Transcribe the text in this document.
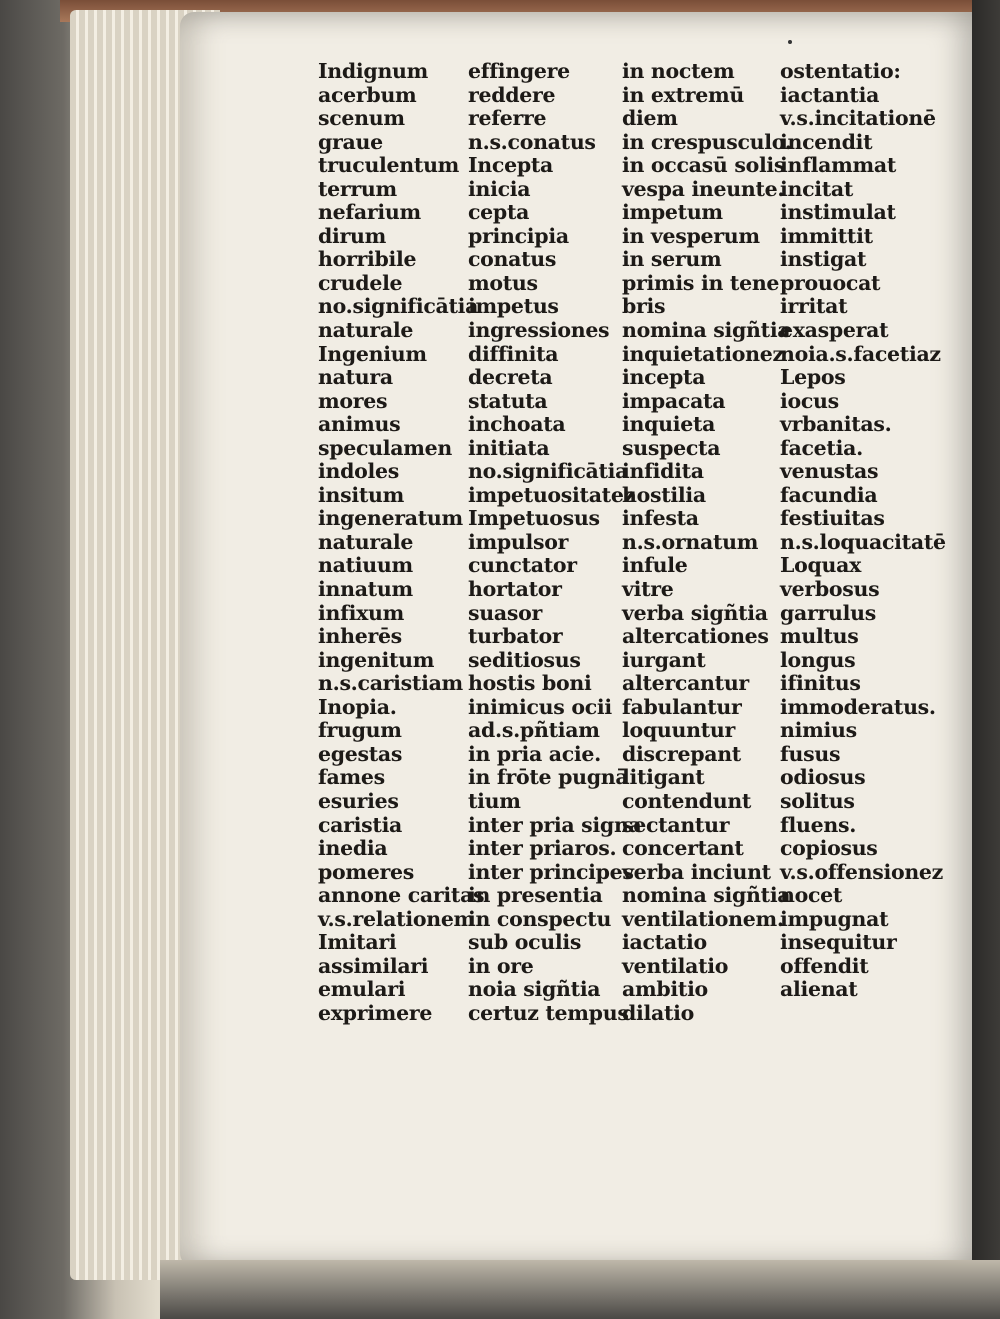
Indignum
acerbum
scenum
graue
truculentum
terrum
nefarium
dirum
horribile
crudele
no.significātia
naturale
Ingenium
natura
mores
animus
speculamen
indoles
insitum
ingeneratum
naturale
natiuum
innatum
infixum
inherēs
ingenitum
n.s.caristiam
Inopia.
frugum
egestas
fames
esuries
caristia
inedia
pomeres
annone caritas
v.s.relationem
Imitari
assimilari
emulari
exprimere
effingere
reddere
referre
n.s.conatus
Incepta
inicia
cepta
principia
conatus
motus
impetus
ingressiones
diffinita
decreta
statuta
inchoata
initiata
no.significātia
impetuositatez
Impetuosus
impulsor
cunctator
hortator
suasor
turbator
seditiosus
hostis boni
inimicus ocii
ad.s.pñtiam
in pria acie.
in frōte pugnā
tium
inter pria signa
inter priaros.
inter principes
in presentia
in conspectu
sub oculis
in ore
noia sigñtia
certuz tempus
in noctem
in extremū
diem
in crespusculo.
in occasū solis
vespa ineunte.
impetum
in vesperum
in serum
primis in tene
bris
nomina sigñtia
inquietationez
incepta
impacata
inquieta
suspecta
infidita
hostilia
infesta
n.s.ornatum
infule
vitre
verba sigñtia
altercationes
iurgant
altercantur
fabulantur
loquuntur
discrepant
litigant
contendunt
sectantur
concertant
verba inciunt
nomina sigñtia
ventilationem.
iactatio
ventilatio
ambitio
dilatio
ostentatio:
iactantia
v.s.incitationē
incendit
inflammat
incitat
instimulat
immittit
instigat
prouocat
irritat
exasperat
noia.s.facetiaz
Lepos
iocus
vrbanitas.
facetia.
venustas
facundia
festiuitas
n.s.loquacitatē
Loquax
verbosus
garrulus
multus
longus
ifinitus
immoderatus.
nimius
fusus
odiosus
solitus
fluens.
copiosus
v.s.offensionez
nocet
impugnat
insequitur
offendit
alienat
